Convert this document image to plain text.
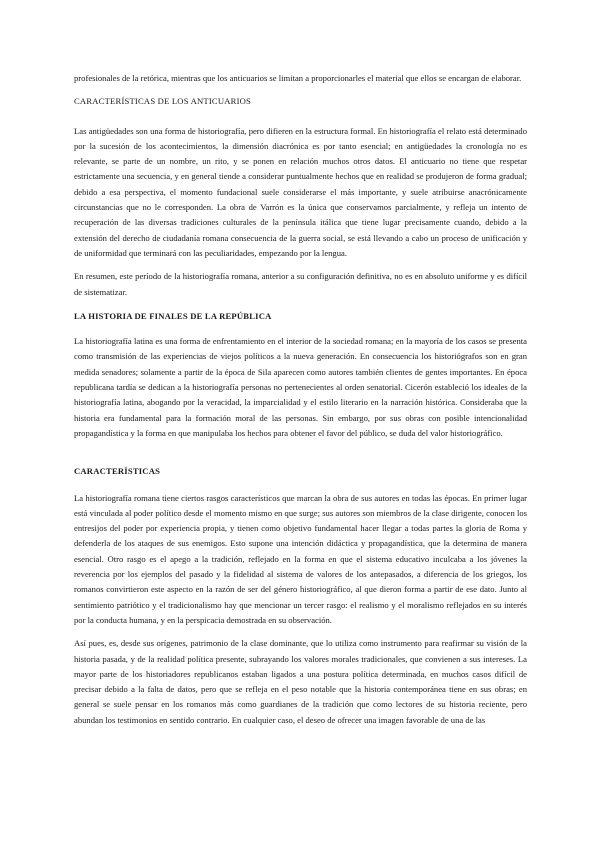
profesionales de la retórica, mientras que los anticuarios se limitan a proporcionarles el material que ellos se encargan de elaborar.

CARACTERÍSTICAS DE LOS ANTICUARIOS

Las antigüedades son una forma de historiografía, pero difieren en la estructura formal. En historiografía el relato está determinado por la sucesión de los acontecimientos, la dimensión diacrónica es por tanto esencial; en antigüedades la cronología no es relevante, se parte de un nombre, un rito, y se ponen en relación muchos otros datos. El anticuario no tiene que respetar estrictamente una secuencia, y en general tiende a considerar puntualmente hechos que en realidad se produjeron de forma gradual; debido a esa perspectiva, el momento fundacional suele considerarse el más importante, y suele atribuirse anacrónicamente circunstancias que no le corresponden. La obra de Varrón es la única que conservamos parcialmente, y refleja un intento de recuperación de las diversas tradiciones culturales de la península itálica que tiene lugar precisamente cuando, debido a la extensión del derecho de ciudadanía romana consecuencia de la guerra social, se está llevando a cabo un proceso de unificación y de uniformidad que terminará con las peculiaridades, empezando por la lengua.

En resumen, este período de la historiografía romana, anterior a su configuración definitiva, no es en absoluto uniforme y es difícil de sistematizar.

LA HISTORIA DE FINALES DE LA REPÚBLICA

La historiografía latina es una forma de enfrentamiento en el interior de la sociedad romana; en la mayoría de los casos se presenta como transmisión de las experiencias de viejos políticos a la nueva generación. En consecuencia los historiógrafos son en gran medida senadores; solamente a partir de la época de Sila aparecen como autores también clientes de gentes importantes. En época republicana tardía se dedican a la historiografía personas no pertenecientes al orden senatorial. Cicerón estableció los ideales de la historiografía latina, abogando por la veracidad, la imparcialidad y el estilo literario en la narración histórica. Consideraba que la historia era fundamental para la formación moral de las personas. Sin embargo, por sus obras con posible intencionalidad propagandística y la forma en que manipulaba los hechos para obtener el favor del público, se duda del valor historiográfico.

CARACTERÍSTICAS

La historiografía romana tiene ciertos rasgos característicos que marcan la obra de sus autores en todas las épocas. En primer lugar está vinculada al poder político desde el momento mismo en que surge; sus autores son miembros de la clase dirigente, conocen los entresijos del poder por experiencia propia, y tienen como objetivo fundamental hacer llegar a todas partes la gloria de Roma y defenderla de los ataques de sus enemigos. Esto supone una intención didáctica y propagandística, que la determina de manera esencial. Otro rasgo es el apego a la tradición, reflejado en la forma en que el sistema educativo inculcaba a los jóvenes la reverencia por los ejemplos del pasado y la fidelidad al sistema de valores de los antepasados, a diferencia de los griegos, los romanos convirtieron este aspecto en la razón de ser del género historiográfico, al que dieron forma a partir de ese dato. Junto al sentimiento patriótico y el tradicionalismo hay que mencionar un tercer rasgo: el realismo y el moralismo reflejados en su interés por la conducta humana, y en la perspicacia demostrada en su observación.

Así pues, es, desde sus orígenes, patrimonio de la clase dominante, que lo utiliza como instrumento para reafirmar su visión de la historia pasada, y de la realidad política presente, subrayando los valores morales tradicionales, que convienen a sus intereses. La mayor parte de los historiadores republicanos estaban ligados a una postura política determinada, en muchos casos difícil de precisar debido a la falta de datos, pero que se refleja en el peso notable que la historia contemporánea tiene en sus obras; en general se suele pensar en los romanos más como guardianes de la tradición que como lectores de su historia reciente, pero abundan los testimonios en sentido contrario. En cualquier caso, el deseo de ofrecer una imagen favorable de una de las
